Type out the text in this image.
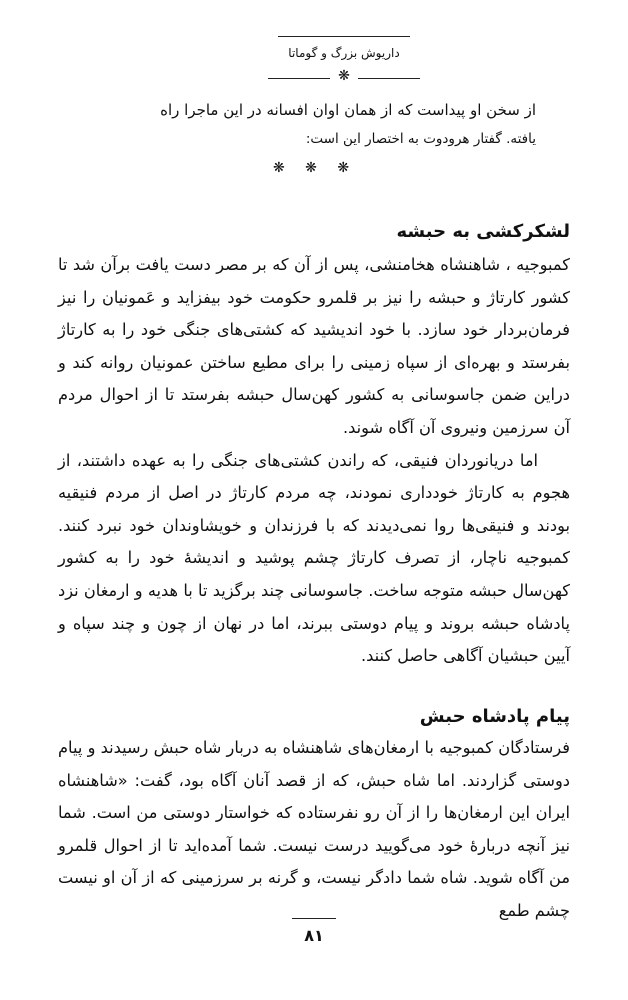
داریوش بزرگ و گوماتا
❋

از سخن او پیداست که از همان اوان افسانه در این ماجرا راه

یافته. گفتار هرودوت به اختصار این است:

❋ ❋ ❋
لشکرکشی به حبشه

کمبوجیه ، شاهنشاه هخامنشی، پس از آن که بر مصر دست یافت برآن شد تا کشور کارتاژ و حبشه را نیز بر قلمرو حکومت خود بیفزاید و عَمونیان را نیز فرمان‌بردار خود سازد. با خود اندیشید که کشتی‌های جنگی خود را به کارتاژ بفرستد و بهره‌ای از سپاه زمینی را برای مطیع ساختن عمونیان روانه کند و دراین ضمن جاسوسانی به کشور کهن‌سال حبشه بفرستد تا از احوال مردم آن سرزمین ونیروی آن آگاه شوند.

اما دریانوردان فنیقی، که راندن کشتی‌های جنگی را به عهده داشتند، از هجوم به کارتاژ خودداری نمودند، چه مردم کارتاژ در اصل از مردم فنیقیه بودند و فنیقی‌ها روا نمی‌دیدند که با فرزندان و خویشاوندان خود نبرد کنند. کمبوجیه ناچار، از تصرف کارتاژ چشم پوشید و اندیشهٔ خود را به کشور کهن‌سال حبشه متوجه ساخت. جاسوسانی چند برگزید تا با هدیه و ارمغان نزد پادشاه حبشه بروند و پیام دوستی ببرند، اما در نهان از چون و چند سپاه و آیین حبشیان آگاهی حاصل کنند.

پیام پادشاه حبش

فرستادگان کمبوجیه با ارمغان‌های شاهنشاه به دربار شاه حبش رسیدند و پیام دوستی گزاردند. اما شاه حبش، که از قصد آنان آگاه بود، گفت: «شاهنشاه ایران این ارمغان‌ها را از آن رو نفرستاده که خواستار دوستی من است. شما نیز آنچه دربارهٔ خود می‌گویید درست نیست. شما آمده‌اید تا از احوال قلمرو من آگاه شوید. شاه شما دادگر نیست، و گرنه بر سرزمینی که از آن او نیست چشم طمع

۸۱
